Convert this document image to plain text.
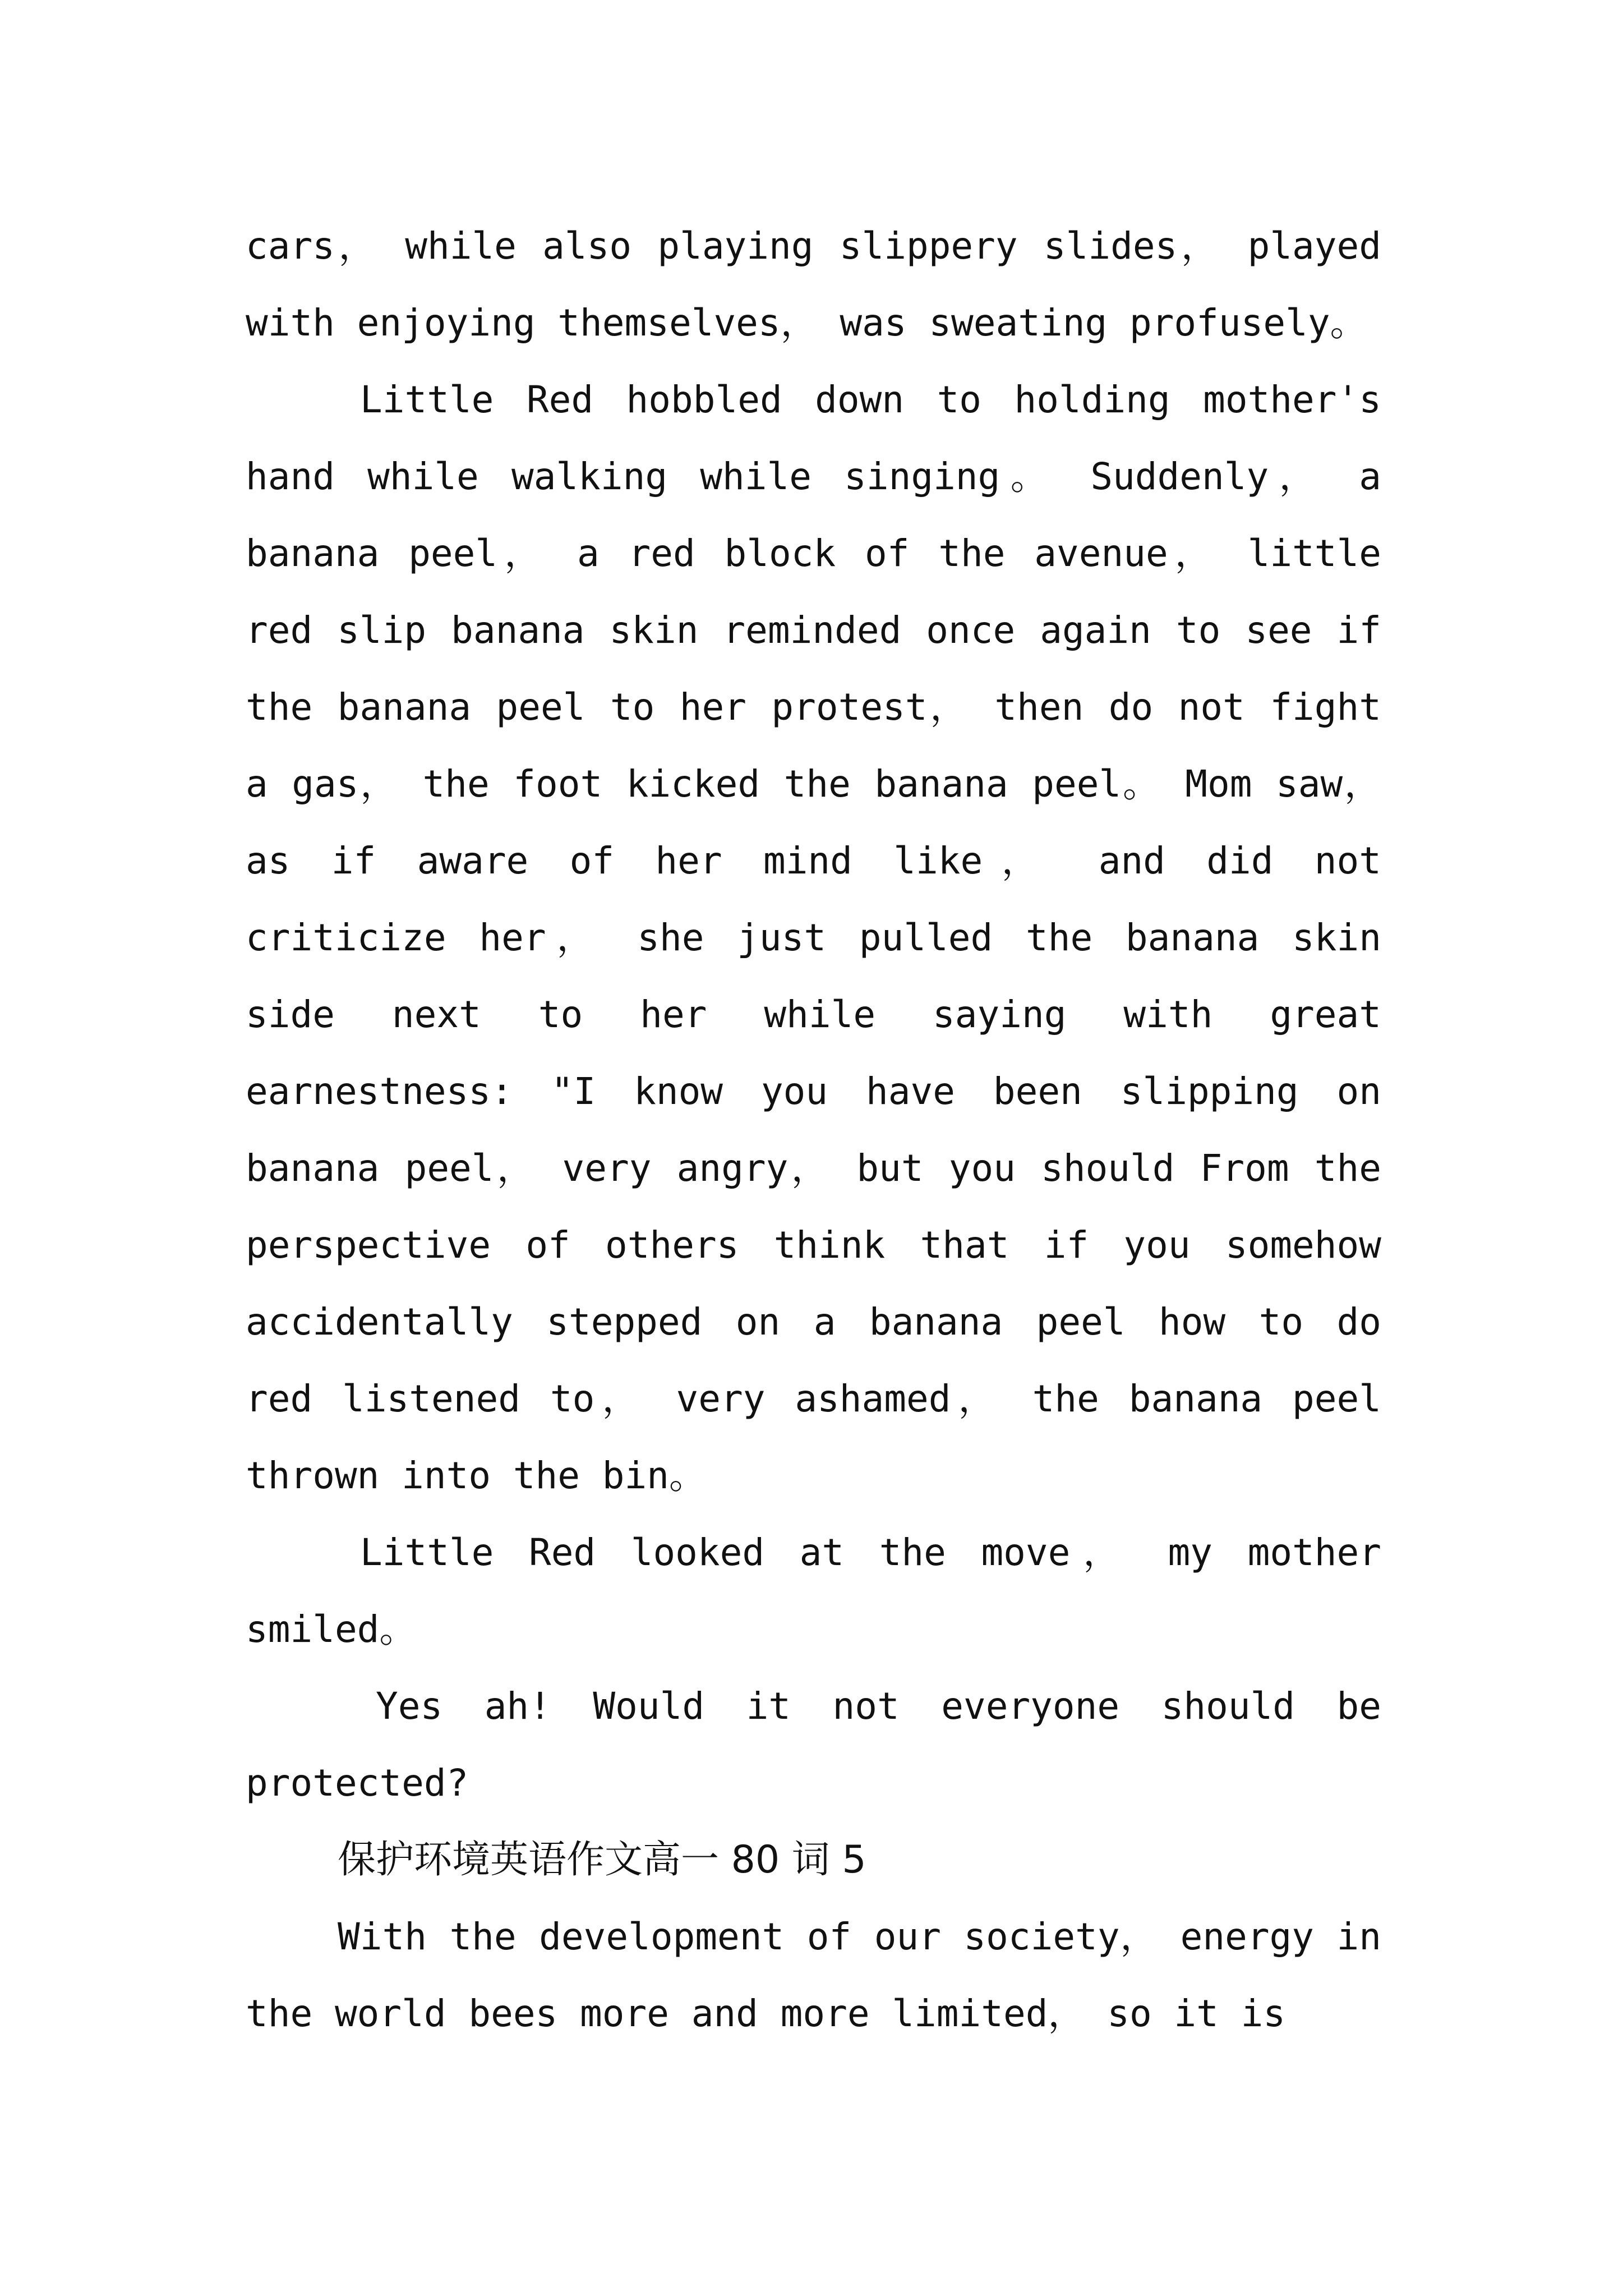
cars， while also playing slippery slides， played with enjoying themselves， was sweating profusely。

Little Red hobbled down to holding mother's hand while walking while singing。 Suddenly， a banana peel， a red block of the avenue， little red slip banana skin reminded once again to see if the banana peel to her protest， then do not fight a gas， the foot kicked the banana peel。 Mom saw， as if aware of her mind like， and did not criticize her， she just pulled the banana skin side next to her while saying with great earnestness: "I know you have been slipping on banana peel， very angry， but you should From the perspective of others think that if you somehow accidentally stepped on a banana peel how to do red listened to， very ashamed， the banana peel thrown into the bin。

Little Red looked at the move， my mother smiled。

Yes ah! Would it not everyone should be protected?

保护环境英语作文高一 80 词 5

With the development of our society， energy in the world bees more and more limited， so it is
